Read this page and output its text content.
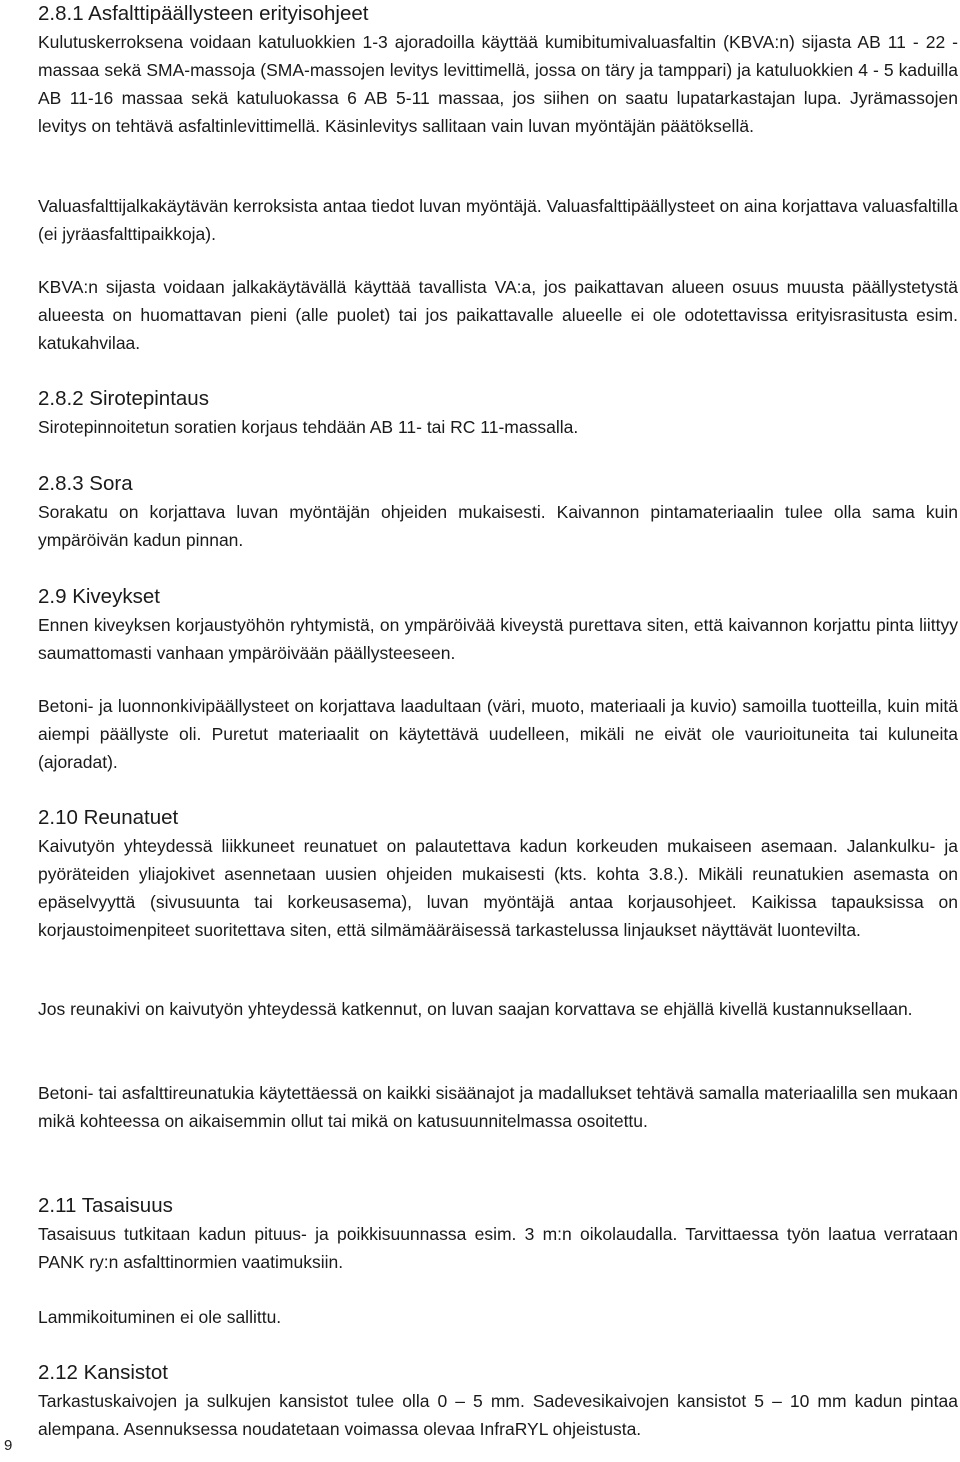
2.8.1 Asfalttipäällysteen erityisohjeet

Kulutuskerroksena voidaan katuluokkien 1-3 ajoradoilla käyttää kumibitumivaluasfaltin (KBVA:n) sijasta AB 11 - 22 -massaa sekä SMA-massoja (SMA-massojen levitys levittimellä, jossa on täry ja tamppari) ja katuluokkien 4 - 5 kaduilla AB 11-16 massaa sekä katuluokassa 6 AB 5-11 massaa, jos siihen on saatu lupatarkastajan lupa. Jyrämassojen levitys on tehtävä asfaltinlevittimellä. Käsinlevitys sallitaan vain luvan myöntäjän päätöksellä.

Valuasfalttijalkakäytävän kerroksista antaa tiedot luvan myöntäjä. Valuasfalttipäällysteet on aina korjattava valuasfaltilla (ei jyräasfalttipaikkoja).

KBVA:n sijasta voidaan jalkakäytävällä käyttää tavallista VA:a, jos paikattavan alueen osuus muusta päällystetystä alueesta on huomattavan pieni (alle puolet) tai jos paikattavalle alueelle ei ole odotettavissa erityisrasitusta esim. katukahvilaa.

2.8.2 Sirotepintaus

Sirotepinnoitetun soratien korjaus tehdään AB 11- tai RC 11-massalla.

2.8.3 Sora

Sorakatu on korjattava luvan myöntäjän ohjeiden mukaisesti. Kaivannon pintamateriaalin tulee olla sama kuin ympäröivän kadun pinnan.

2.9 Kiveykset

Ennen kiveyksen korjaustyöhön ryhtymistä, on ympäröivää kiveystä purettava siten, että kaivannon korjattu pinta liittyy saumattomasti vanhaan ympäröivään päällysteeseen.

Betoni- ja luonnonkivipäällysteet on korjattava laadultaan (väri, muoto, materiaali ja kuvio) samoilla tuotteilla, kuin mitä aiempi päällyste oli. Puretut materiaalit on käytettävä uudelleen, mikäli ne eivät ole vaurioituneita tai kuluneita (ajoradat).

2.10 Reunatuet

Kaivutyön yhteydessä liikkuneet reunatuet on palautettava kadun korkeuden mukaiseen asemaan. Jalankulku- ja pyöräteiden yliajokivet asennetaan uusien ohjeiden mukaisesti (kts. kohta 3.8.). Mikäli reunatukien asemasta on epäselvyyttä (sivusuunta tai korkeusasema), luvan myöntäjä antaa korjausohjeet. Kaikissa tapauksissa on korjaustoimenpiteet suoritettava siten, että silmämääräisessä tarkastelussa linjaukset näyttävät luontevilta.

Jos reunakivi on kaivutyön yhteydessä katkennut, on luvan saajan korvattava se ehjällä kivellä kustannuksellaan.

Betoni- tai asfalttireunatukia käytettäessä on kaikki sisäänajot ja madallukset tehtävä samalla materiaalilla sen mukaan mikä kohteessa on aikaisemmin ollut tai mikä on katusuunnitelmassa osoitettu.

2.11 Tasaisuus

Tasaisuus tutkitaan kadun pituus- ja poikkisuunnassa esim. 3 m:n oikolaudalla. Tarvittaessa työn laatua verrataan PANK ry:n asfalttinormien vaatimuksiin.

Lammikoituminen ei ole sallittu.

2.12 Kansistot

Tarkastuskaivojen ja sulkujen kansistot tulee olla 0 – 5 mm. Sadevesikaivojen kansistot 5 – 10 mm kadun pintaa alempana. Asennuksessa noudatetaan voimassa olevaa InfraRYL ohjeistusta.

9
